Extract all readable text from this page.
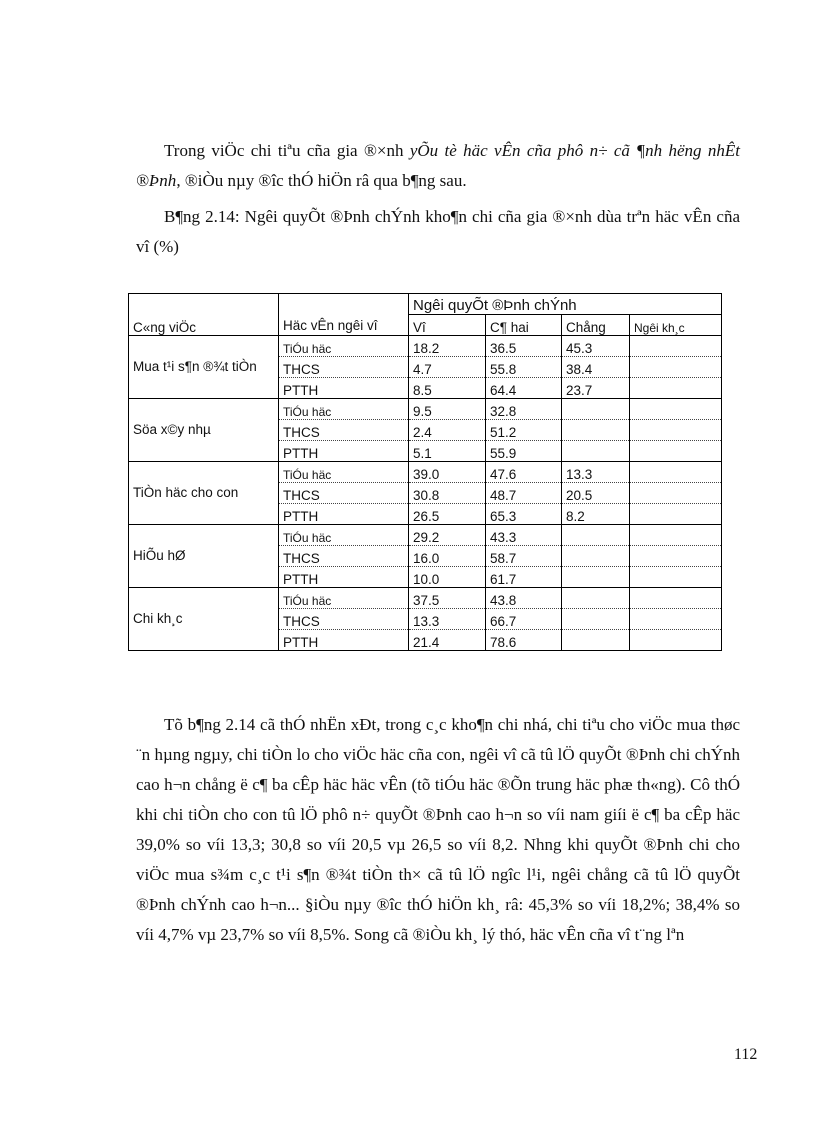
Trong viÖc chi tiªu cña gia ®×nh yÕu tè häc vÊn cña phô n÷ cã ¶nh hëng nhÊt ®Þnh, ®iÒu nµy ®îc thÓ hiÖn râ qua b¶ng sau.

B¶ng 2.14: Ngêi quyÕt ®Þnh chÝnh kho¶n chi cña gia ®×nh dùa trªn häc vÊn cña vî (%)

C«ng viÖc	Häc vÊn ngêi vî	Ngêi quyÕt ®Þnh chÝnh			
		Vî	C¶ hai	Chång	Ngêi kh¸c
Mua t¹i s¶n ®¾t tiÒn	TiÓu häc	18.2	36.5	45.3	
	THCS	4.7	55.8	38.4	
	PTTH	8.5	64.4	23.7	
Söa x©y nhµ	TiÓu häc	9.5	32.8		
	THCS	2.4	51.2		
	PTTH	5.1	55.9		
TiÒn häc cho con	TiÓu häc	39.0	47.6	13.3	
	THCS	30.8	48.7	20.5	
	PTTH	26.5	65.3	8.2	
HiÕu hØ	TiÓu häc	29.2	43.3		
	THCS	16.0	58.7		
	PTTH	10.0	61.7		
Chi kh¸c	TiÓu häc	37.5	43.8		
	THCS	13.3	66.7		
	PTTH	21.4	78.6		

Tõ b¶ng 2.14 cã thÓ nhËn xÐt, trong c¸c kho¶n chi nhá, chi tiªu cho viÖc mua thøc ¨n hµng ngµy, chi tiÒn lo cho viÖc häc cña con, ngêi vî cã tû lÖ quyÕt ®Þnh chi chÝnh cao h¬n chång ë c¶ ba cÊp häc häc vÊn (tõ tiÓu häc ®Õn trung häc phæ th«ng). Cô thÓ khi chi tiÒn cho con tû lÖ phô n÷ quyÕt ®Þnh cao h¬n so víi nam giíi ë c¶ ba cÊp häc 39,0% so víi 13,3; 30,8 so víi 20,5 vµ 26,5 so víi 8,2. Nhng khi quyÕt ®Þnh chi cho viÖc mua s¾m c¸c t¹i s¶n ®¾t tiÒn th× cã tû lÖ ngîc l¹i, ngêi chång cã tû lÖ quyÕt ®Þnh chÝnh cao h¬n... §iÒu nµy ®îc thÓ hiÖn kh¸ râ: 45,3% so víi 18,2%; 38,4% so víi 4,7% vµ 23,7% so víi 8,5%. Song cã ®iÒu kh¸ lý thó, häc vÊn cña vî t¨ng lªn

112
